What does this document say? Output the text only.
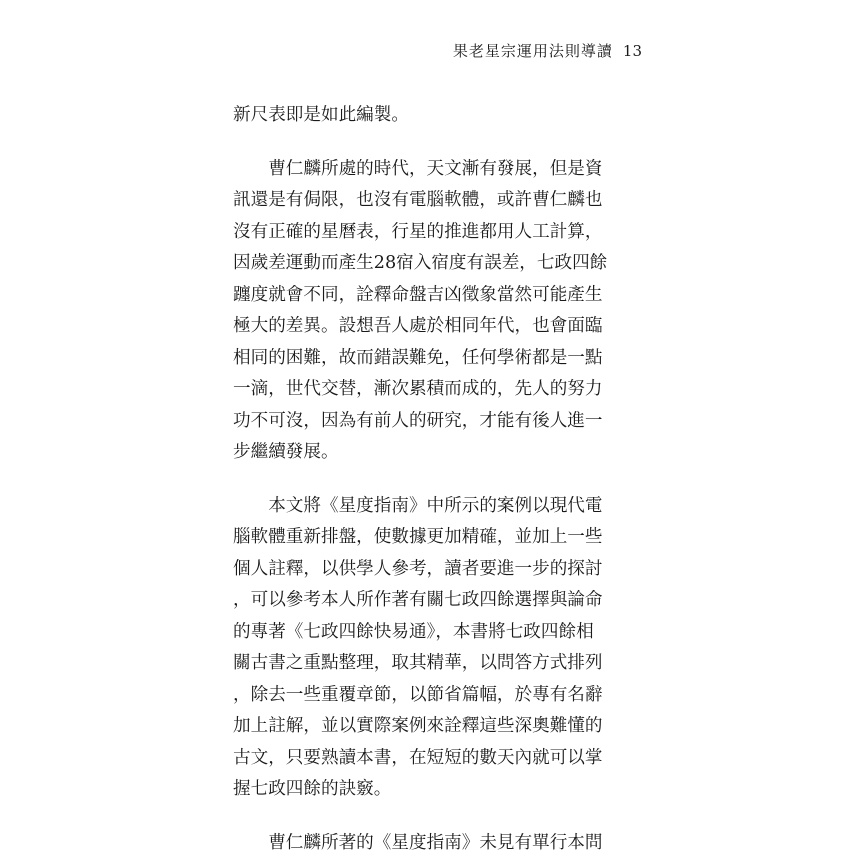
果老星宗運用法則導讀 13
新尺表即是如此編製。
　　曹仁麟所處的時代，天文漸有發展，但是資
訊還是有侷限，也沒有電腦軟體，或許曹仁麟也
沒有正確的星曆表，行星的推進都用人工計算，
因歲差運動而產生28宿入宿度有誤差，七政四餘
躔度就會不同，詮釋命盤吉凶徵象當然可能產生
極大的差異。設想吾人處於相同年代，也會面臨
相同的困難，故而錯誤難免，任何學術都是一點
一滴，世代交替，漸次累積而成的，先人的努力
功不可沒，因為有前人的研究，才能有後人進一
步繼續發展。
　　本文將《星度指南》中所示的案例以現代電
腦軟體重新排盤，使數據更加精確，並加上一些
個人註釋，以供學人參考，讀者要進一步的探討
，可以參考本人所作著有關七政四餘選擇與論命
的專著《七政四餘快易通》，本書將七政四餘相
關古書之重點整理，取其精華，以問答方式排列
，除去一些重覆章節，以節省篇幅，於專有名辭
加上註解，並以實際案例來詮釋這些深奧難懂的
古文，只要熟讀本書，在短短的數天內就可以掌
握七政四餘的訣竅。
　　曹仁麟所著的《星度指南》未見有單行本問
